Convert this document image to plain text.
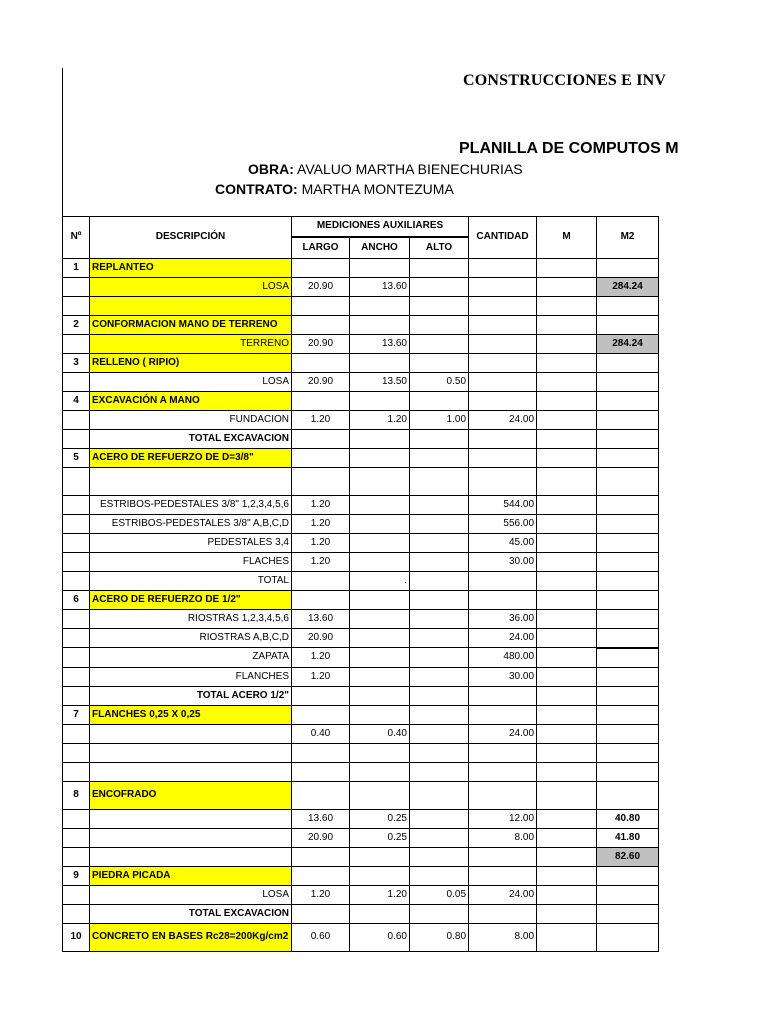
CONSTRUCCIONES E INV
PLANILLA DE COMPUTOS M
OBRA: AVALUO MARTHA BIENECHURIAS
CONTRATO: MARTHA MONTEZUMA
Nº	DESCRIPCIÓN	MEDICIONES AUXILIARES			CANTIDAD	M	M2
		LARGO	ANCHO	ALTO			
1	REPLANTEO						
	LOSA	20.90	13.60				284.24

2	CONFORMACION MANO DE TERRENO						
	TERRENO	20.90	13.60				284.24
3	RELLENO ( RIPIO)						
	LOSA	20.90	13.50	0.50			
4	EXCAVACIÓN A MANO						
	FUNDACION	1.20	1.20	1.00	24.00		
	TOTAL EXCAVACION						
5	ACERO DE REFUERZO DE D=3/8"						

	ESTRIBOS-PEDESTALES 3/8" 1,2,3,4,5,6	1.20			544.00		
	ESTRIBOS-PEDESTALES 3/8" A,B,C,D	1.20			556.00		
	PEDESTALES 3,4	1.20			45.00		
	FLACHES	1.20			30.00		
	TOTAL		.				
6	ACERO DE REFUERZO DE 1/2"						
	RIOSTRAS 1,2,3,4,5,6	13.60			36.00		
	RIOSTRAS A,B,C,D	20.90			24.00		
	ZAPATA	1.20			480.00		
	FLANCHES	1.20			30.00		
	TOTAL ACERO 1/2"						
7	FLANCHES 0,25 X 0,25						
		0.40	0.40		24.00		

8	ENCOFRADO						
		13.60	0.25		12.00		40.80
		20.90	0.25		8.00		41.80
							82.60
9	PIEDRA PICADA						
	LOSA	1.20	1.20	0.05	24.00		
	TOTAL EXCAVACION						
10	CONCRETO EN BASES Rc28=200Kg/cm2	0.60	0.60	0.80	8.00		
